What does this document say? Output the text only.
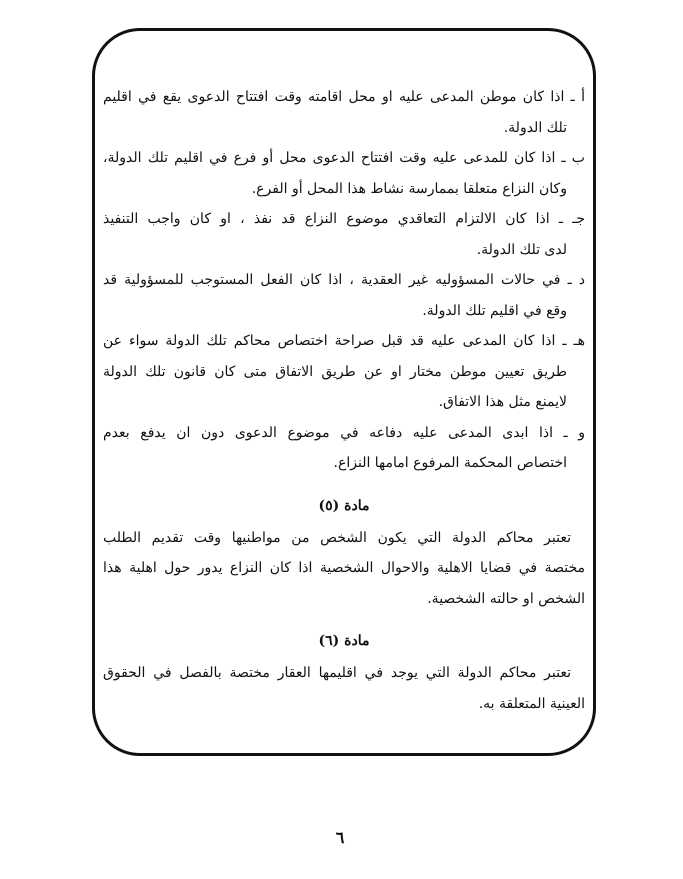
أ ـ اذا كان موطن المدعى عليه او محل اقامته وقت افتتاح الدعوى يقع في اقليم
تلك الدولة.
ب ـ اذا كان للمدعى عليه وقت افتتاح الدعوى محل أو فرع في اقليم تلك الدولة،
وكان النزاع متعلقا بممارسة نشاط هذا المحل أو الفرع.
جـ ـ اذا كان الالتزام التعاقدي موضوع النزاع قد نفذ ، او كان واجب التنفيذ
لدى تلك الدولة.
د ـ في حالات المسؤوليه غير العقدية ، اذا كان الفعل المستوجب للمسؤولية قد
وقع في اقليم تلك الدولة.
هـ ـ اذا كان المدعى عليه قد قبل صراحة اختصاص محاكم تلك الدولة سواء عن
طريق تعيين موطن مختار او عن طريق الاتفاق متى كان قانون تلك الدولة
لايمنع مثل هذا الاتفاق.
و ـ اذا ابدى المدعى عليه دفاعه في موضوع الدعوى دون ان يدفع بعدم
اختصاص المحكمة المرفوع امامها النزاع.
مادة (٥)
تعتبر محاكم الدولة التي يكون الشخص من مواطنيها وقت تقديم الطلب
مختصة في قضايا الاهلية والاحوال الشخصية اذا كان النزاع يدور حول اهلية هذا
الشخص او حالته الشخصية.
مادة (٦)
تعتبر محاكم الدولة التي يوجد في اقليمها العقار مختصة بالفصل في الحقوق
العينية المتعلقة به.
٦
